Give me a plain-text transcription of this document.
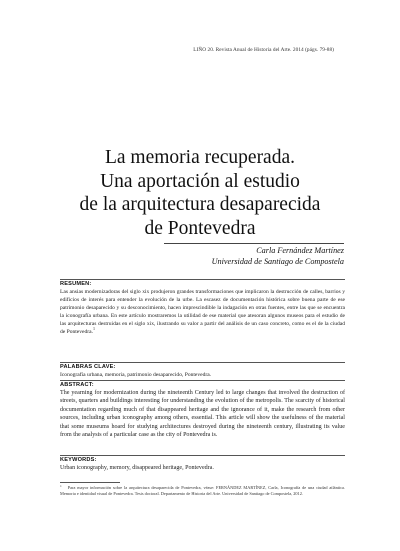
LIÑO 20. Revista Anual de Historia del Arte. 2014 (págs. 79-88)
La memoria recuperada.
Una aportación al estudio
de la arquitectura desaparecida
de Pontevedra
Carla Fernández Martínez
Universidad de Santiago de Compostela
RESUMEN:

Las ansias modernizadoras del siglo xix produjeron grandes transformaciones que implicaron la destrucción de calles, barrios y edificios de interés para entender la evolución de la urbe. La escasez de documentación histórica sobre buena parte de ese patrimonio desaparecido y su desconocimiento, hacen imprescindible la indagación en otras fuentes, entre las que se encuentra la iconografía urbana. En este artículo mostraremos la utilidad de ese material que atesoran algunos museos para el estudio de las arquitecturas destruidas en el siglo xix, ilustrando su valor a partir del análisis de un caso concreto, como es el de la ciudad de Pontevedra.$^1$

PALABRAS CLAVE:

Iconografía urbana, memoria, patrimonio desaparecido, Pontevedra.

ABSTRACT:

The yearning for modernization during the nineteenth Century led to large changes that involved the destruction of streets, quarters and buildings interesting for understanding the evolution of the metropolis. The scarcity of historical documentation regarding much of that disappeared heritage and the ignorance of it, make the research from other sources, including urban iconography among others, essential. This article will show the usefulness of the material that some museums hoard for studying architectures destroyed during the nineteenth century, illustrating its value from the analysis of a particular case as the city of Pontevedra is.

KEYWORDS:

Urban iconography, memory, disappeared heritage, Pontevedra.

$^1$ Para mayor información sobre la arquitectura desaparecida de Pontevedra, véase: FERNÁNDEZ MARTÍNEZ, Carla, Iconografía de una ciudad atlántica. Memoria e identidad visual de Pontevedra. Tesis doctoral. Departamento de Historia del Arte. Universidad de Santiago de Compostela, 2012.
